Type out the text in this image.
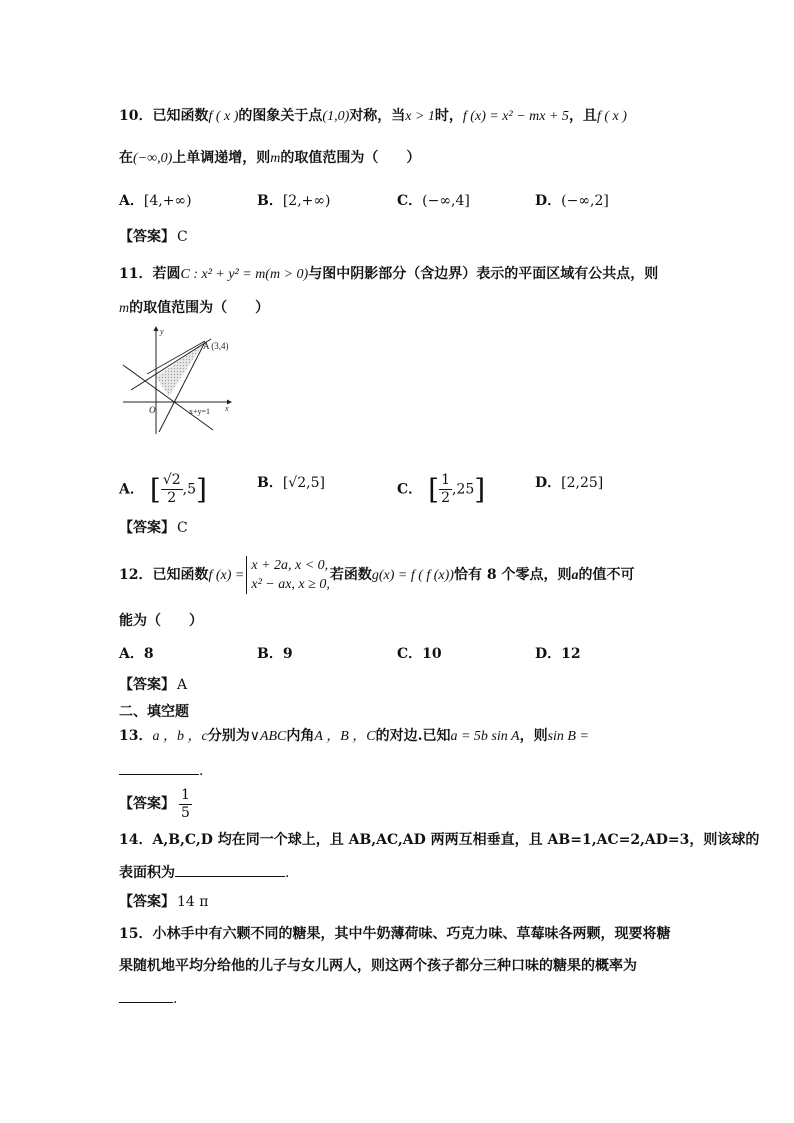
10．已知函数f ( x )的图象关于点(1,0)对称，当x > 1时，f (x) = x² − mx + 5，且f ( x )
在(−∞,0)上单调递增，则m的取值范围为（　　）
A．[4,+∞)	B．[2,+∞)	C．(−∞,4]	D．(−∞,2]
【答案】 C
11．若圆C : x² + y² = m(m > 0)与图中阴影部分（含边界）表示的平面区域有公共点，则
m的取值范围为（　　）
y
x
O
A (3,4)
x+y=1
A． [ $\frac{√2}{2} ,5$]	B．[√2,5]	C． [ $\frac{1}{2} ,25$]	D．[2,25]
【答案】 C
12．已知函数f (x) =
x + 2a, x < 0,
x² − ax, x ≥ 0,
若函数g(x) = f ( f (x))恰有 8 个零点，则a的值不可
能为（　　）
A．8	B．9	C．10	D．12
【答案】 A
二、填空题
13．a ，b ，c分别为∨ABC内角A ，B ，C的对边.已知a = 5b sin A，则sin B =
.
【答案】 $\frac{1}{5}$
14．A,B,C,D 均在同一个球上，且 AB,AC,AD 两两互相垂直，且 AB=1,AC=2,AD=3，则该球的
表面积为	.
【答案】 14 π
15．小林手中有六颗不同的糖果，其中牛奶薄荷味、巧克力味、草莓味各两颗，现要将糖
果随机地平均分给他的儿子与女儿两人，则这两个孩子都分三种口味的糖果的概率为
.
